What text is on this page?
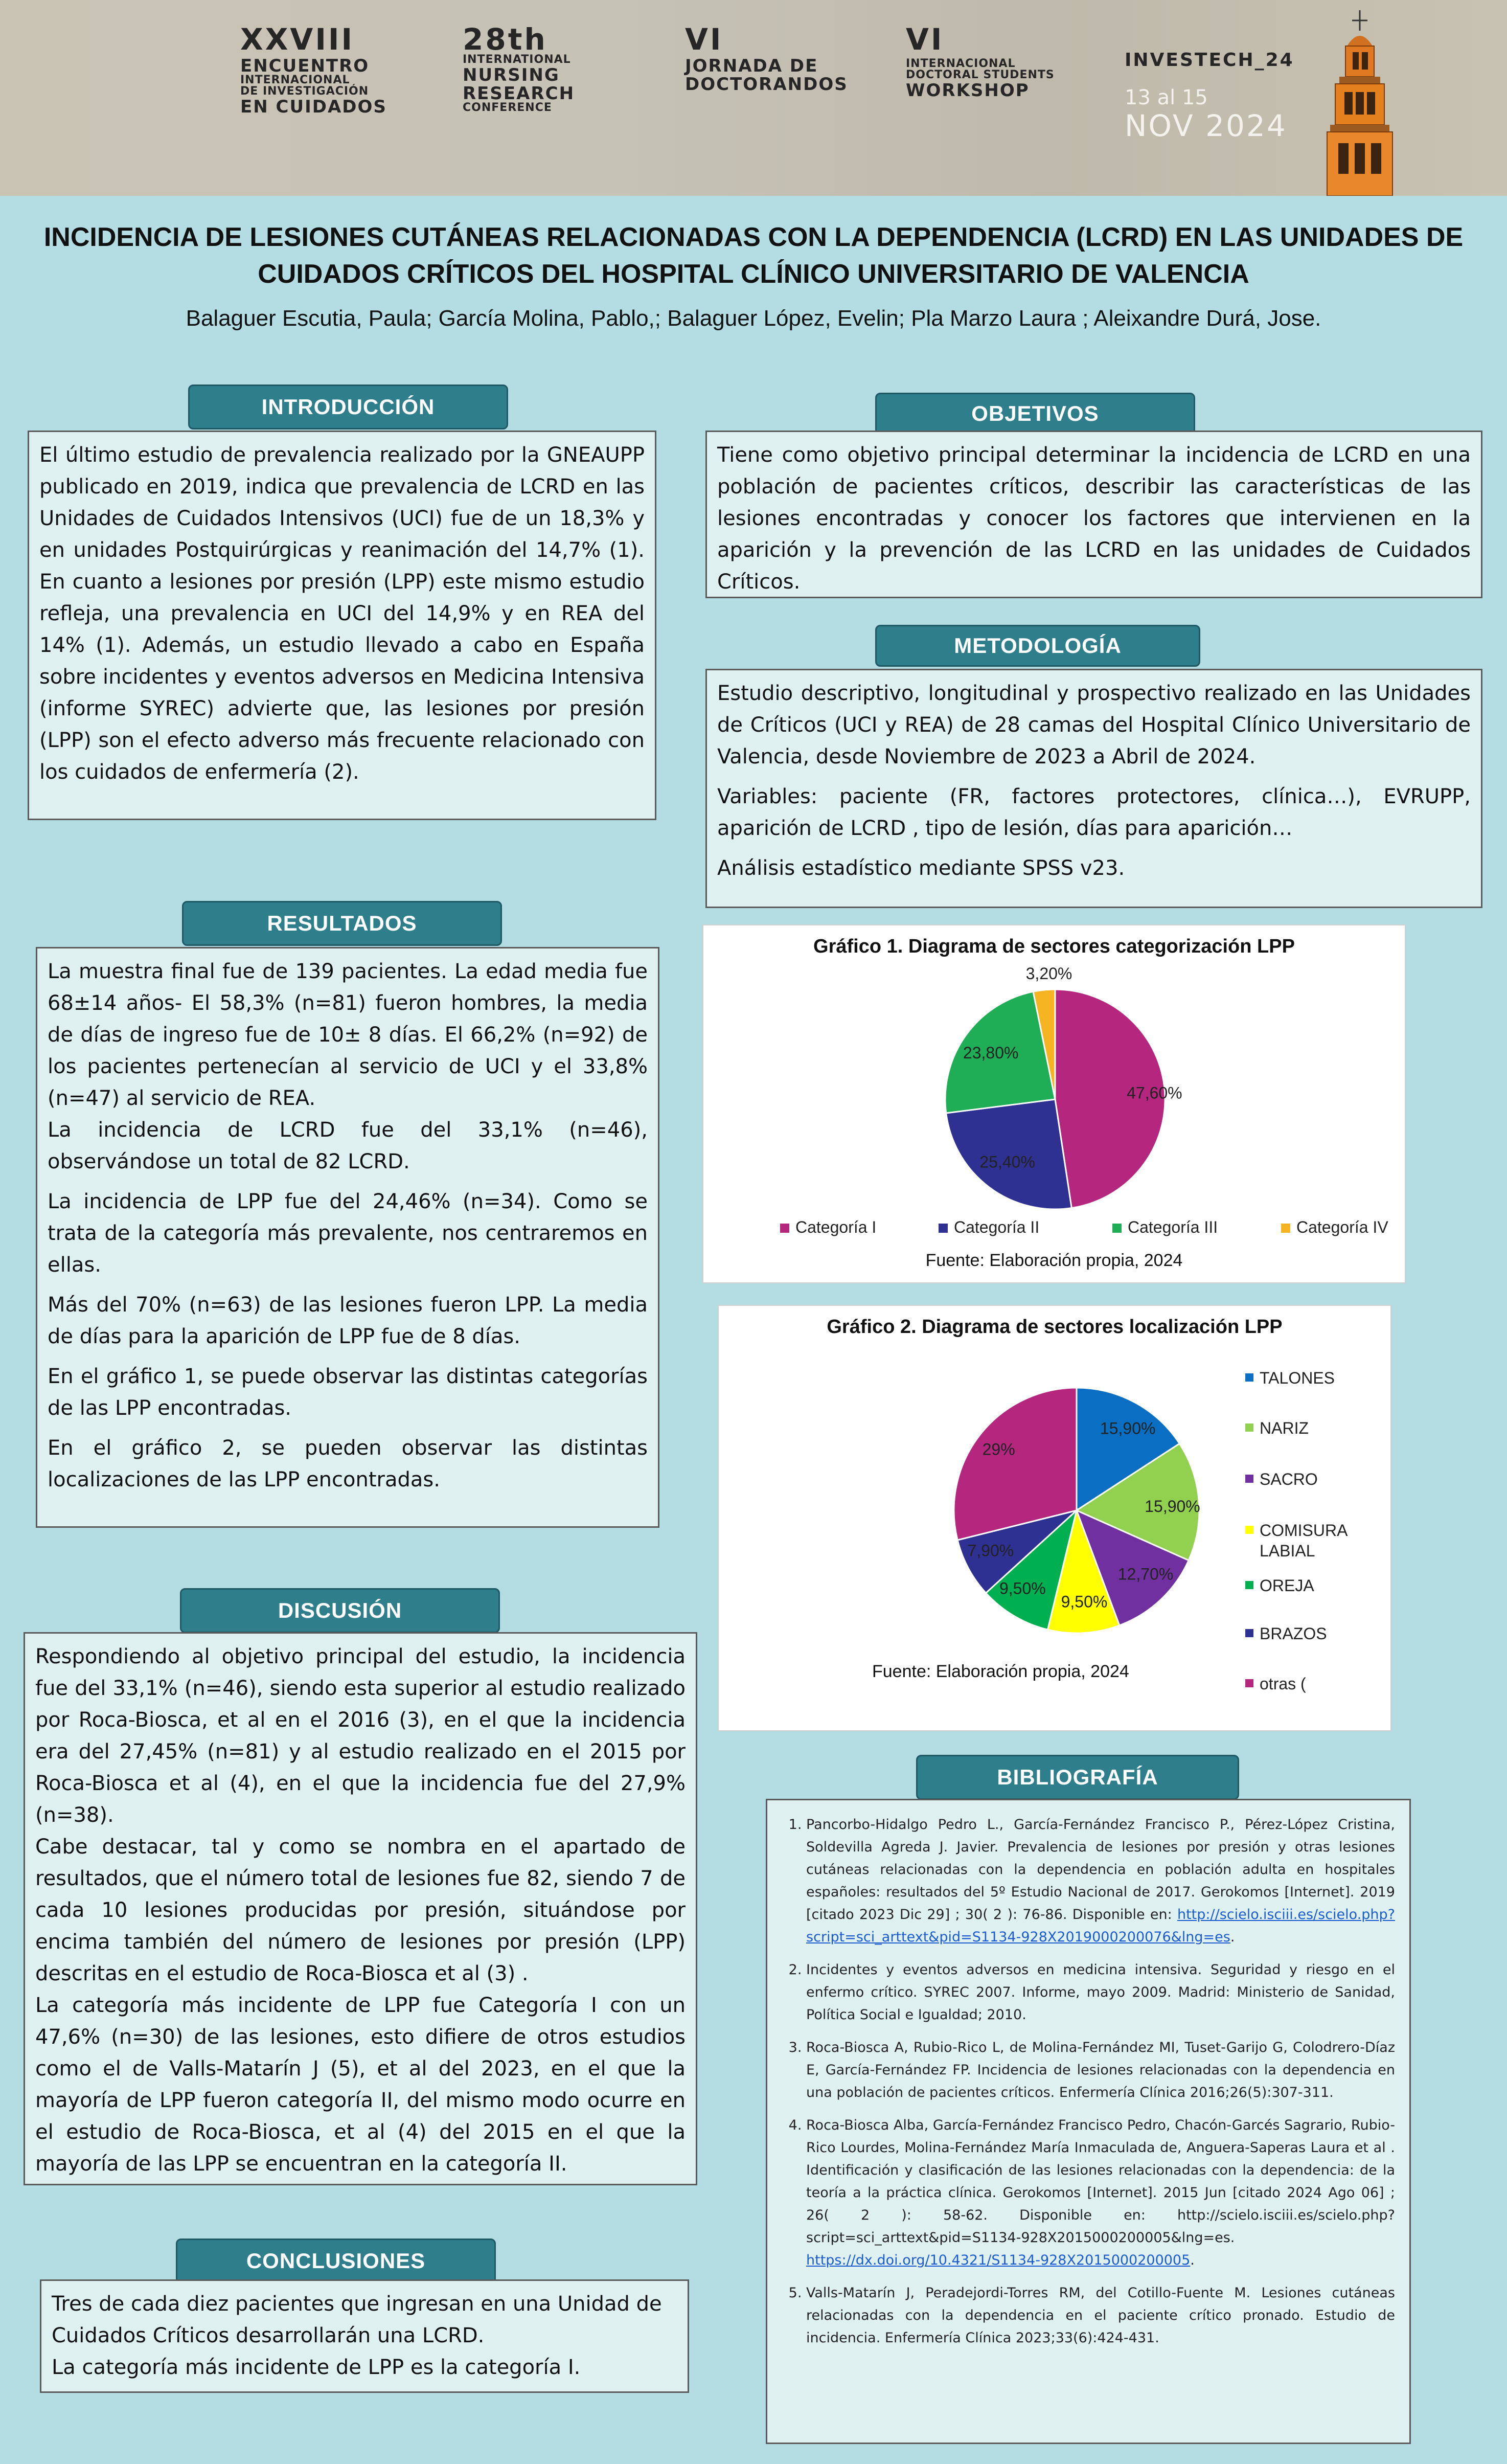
XXVIII
ENCUENTRO
INTERNACIONAL
DE INVESTIGACIÓN
EN CUIDADOS
28th
INTERNATIONAL
NURSING
RESEARCH
CONFERENCE
VI
JORNADA DE
DOCTORANDOS
VI
INTERNACIONAL
DOCTORAL STUDENTS
WORKSHOP
INVESTECH_24
13 al 15
NOV 2024
INCIDENCIA DE LESIONES CUTÁNEAS RELACIONADAS CON LA DEPENDENCIA (LCRD) EN LAS UNIDADES DE CUIDADOS CRÍTICOS DEL HOSPITAL CLÍNICO UNIVERSITARIO DE VALENCIA
Balaguer Escutia, Paula; García Molina, Pablo,; Balaguer López, Evelin; Pla Marzo Laura ; Aleixandre Durá, Jose.
INTRODUCCIÓN
El último estudio de prevalencia realizado por la GNEAUPP publicado en 2019, indica que prevalencia de LCRD en las Unidades de Cuidados Intensivos (UCI) fue de un 18,3% y en unidades Postquirúrgicas y reanimación del 14,7% (1). En cuanto a lesiones por presión (LPP) este mismo estudio refleja, una prevalencia en UCI del 14,9% y en REA del 14% (1). Además, un estudio llevado a cabo en España sobre incidentes y eventos adversos en Medicina Intensiva (informe SYREC) advierte que, las lesiones por presión (LPP) son el efecto adverso más frecuente relacionado con los cuidados de enfermería (2).
OBJETIVOS
Tiene como objetivo principal determinar la incidencia de LCRD en una población de pacientes críticos, describir las características de las lesiones encontradas y conocer los factores que intervienen en la aparición y la prevención de las LCRD en las unidades de Cuidados Críticos.
METODOLOGÍA

Estudio descriptivo, longitudinal y prospectivo realizado en las Unidades de Críticos (UCI y REA) de 28 camas del Hospital Clínico Universitario de Valencia, desde Noviembre de 2023 a Abril de 2024.

Variables: paciente (FR, factores protectores, clínica…), EVRUPP, aparición de LCRD , tipo de lesión, días para aparición…

Análisis estadístico mediante SPSS v23.

RESULTADOS
La muestra final fue de 139 pacientes. La edad media fue 68±14 años- El 58,3% (n=81) fueron hombres, la media de días de ingreso fue de 10± 8 días. El 66,2% (n=92) de los pacientes pertenecían al servicio de UCI y el 33,8% (n=47) al servicio de REA.

La incidencia de LCRD fue del 33,1% (n=46), observándose un total de 82 LCRD.

La incidencia de LPP fue del 24,46% (n=34). Como se trata de la categoría más prevalente, nos centraremos en ellas.

Más del 70% (n=63) de las lesiones fueron LPP. La media de días para la aparición de LPP fue de 8 días.

En el gráfico 1, se puede observar las distintas categorías de las LPP encontradas.

En el gráfico 2, se pueden observar las distintas localizaciones de las LPP encontradas.

Gráfico 1. Diagrama de sectores categorización LPP
47,60%
25,40%
23,80%
3,20%
Categoría I	Categoría II	Categoría III	Categoría IV
Fuente: Elaboración propia, 2024
Gráfico 2. Diagrama de sectores localización LPP
15,90%
15,90%
12,70%
9,50%
9,50%
7,90%
29%
TALONES
NARIZ
SACRO
COMISURA
LABIAL
OREJA
BRAZOS
otras (
Fuente: Elaboración propia, 2024
DISCUSIÓN
Respondiendo al objetivo principal del estudio, la incidencia fue del 33,1% (n=46), siendo esta superior al estudio realizado por Roca-Biosca, et al en el 2016 (3), en el que la incidencia era del 27,45% (n=81) y al estudio realizado en el 2015 por Roca-Biosca et al (4), en el que la incidencia fue del 27,9% (n=38).
Cabe destacar, tal y como se nombra en el apartado de resultados, que el número total de lesiones fue 82, siendo 7 de cada 10 lesiones producidas por presión, situándose por encima también del número de lesiones por presión (LPP) descritas en el estudio de Roca-Biosca et al (3) .
La categoría más incidente de LPP fue Categoría I con un 47,6% (n=30) de las lesiones, esto difiere de otros estudios como el de Valls-Matarín J (5), et al del 2023, en el que la mayoría de LPP fueron categoría II, del mismo modo ocurre en el estudio de Roca-Biosca, et al (4) del 2015 en el que la mayoría de las LPP se encuentran en la categoría II.
CONCLUSIONES
Tres de cada diez pacientes que ingresan en una Unidad de Cuidados Críticos desarrollarán una LCRD.
La categoría más incidente de LPP es la categoría I.
BIBLIOGRAFÍA
1. Pancorbo-Hidalgo Pedro L., García-Fernández Francisco P., Pérez-López Cristina, Soldevilla Agreda J. Javier. Prevalencia de lesiones por presión y otras lesiones cutáneas relacionadas con la dependencia en población adulta en hospitales españoles: resultados del 5º Estudio Nacional de 2017. Gerokomos [Internet]. 2019 [citado 2023 Dic 29] ; 30( 2 ): 76-86. Disponible en: http://scielo.isciii.es/scielo.php?script=sci_arttext&pid=S1134-928X2019000200076&lng=es.
2. Incidentes y eventos adversos en medicina intensiva. Seguridad y riesgo en el enfermo crítico. SYREC 2007. Informe, mayo 2009. Madrid: Ministerio de Sanidad, Política Social e Igualdad; 2010.
3. Roca-Biosca A, Rubio-Rico L, de Molina-Fernández MI, Tuset-Garijo G, Colodrero-Díaz E, García-Fernández FP. Incidencia de lesiones relacionadas con la dependencia en una población de pacientes críticos. Enfermería Clínica 2016;26(5):307-311.
4. Roca-Biosca Alba, García-Fernández Francisco Pedro, Chacón-Garcés Sagrario, Rubio-Rico Lourdes, Molina-Fernández María Inmaculada de, Anguera-Saperas Laura et al . Identificación y clasificación de las lesiones relacionadas con la dependencia: de la teoría a la práctica clínica. Gerokomos [Internet]. 2015 Jun [citado 2024 Ago 06] ; 26( 2 ): 58-62. Disponible en: http://scielo.isciii.es/scielo.php?script=sci_arttext&pid=S1134-928X2015000200005&lng=es. https://dx.doi.org/10.4321/S1134-928X2015000200005.
5. Valls-Matarín J, Peradejordi-Torres RM, del Cotillo-Fuente M. Lesiones cutáneas relacionadas con la dependencia en el paciente crítico pronado. Estudio de incidencia. Enfermería Clínica 2023;33(6):424-431.
